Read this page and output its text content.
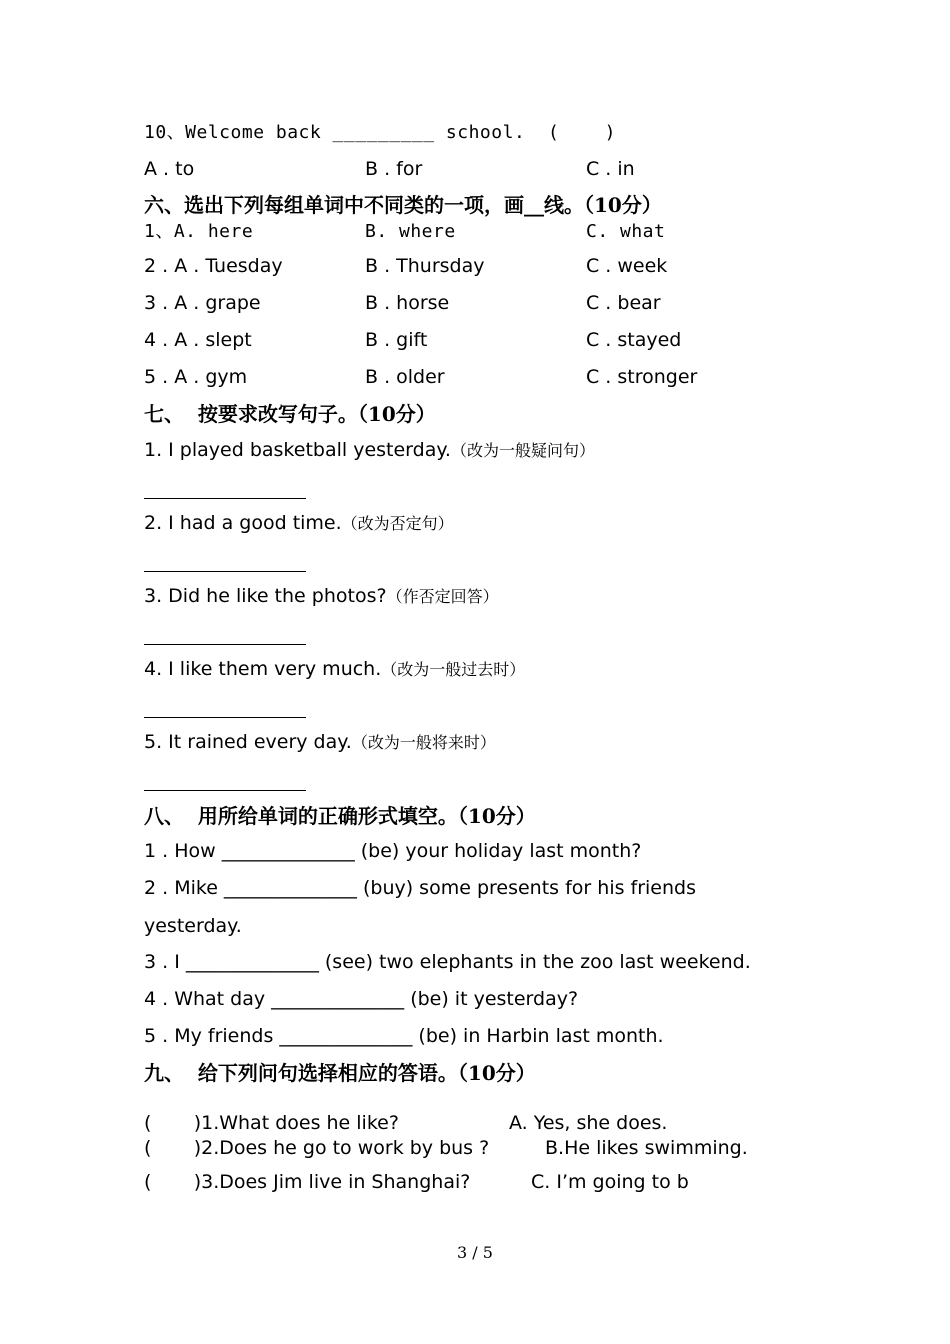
10、Welcome back _________ school.  (    )
A . to	B . for	C . in
六、选出下列每组单词中不同类的一项，画__线。（10分）
1、A. here	B. where	C. what
2 . A . Tuesday	B . Thursday	C . week
3 . A . grape	B . horse	C . bear
4 . A . slept	B . gift	C . stayed
5 . A . gym	B . older	C . stronger
七、  按要求改写句子。（10分）
1. I played basketball yesterday.（改为一般疑问句）
2. I had a good time.（改为否定句）
3. Did he like the photos?（作否定回答）
4. I like them very much.（改为一般过去时）
5. It rained every day.（改为一般将来时）
八、  用所给单词的正确形式填空。（10分）
1 . How ______________ (be) your holiday last month?
2 . Mike ______________ (buy) some presents for his friends
yesterday.
3 . I ______________ (see) two elephants in the zoo last weekend.
4 . What day ______________ (be) it yesterday?
5 . My friends ______________ (be) in Harbin last month.
九、  给下列问句选择相应的答语。（10分）
(       )1.What does he like?	A. Yes, she does.
(       )2.Does he go to work by bus ?	B.He likes swimming.
(       )3.Does Jim live in Shanghai?	C. I’m going to b
3 / 5
